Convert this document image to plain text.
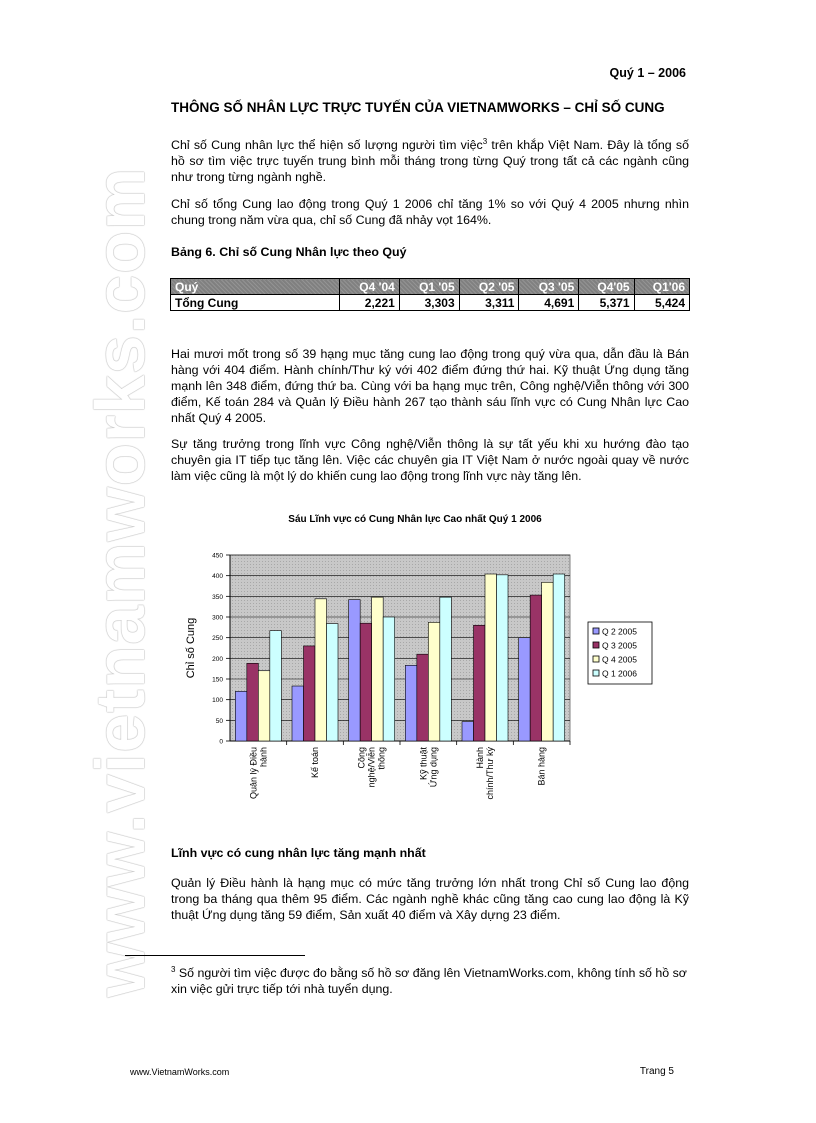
www.vietnamworks.com
Quý 1 – 2006
THÔNG SỐ NHÂN LỰC TRỰC TUYẾN CỦA VIETNAMWORKS – CHỈ SỐ CUNG
Chỉ số Cung nhân lực thể hiện số lượng người tìm việc$^3$ trên khắp Việt Nam. Đây là tổng số hồ sơ tìm việc trực tuyến trung bình mỗi tháng trong từng Quý trong tất cả các ngành cũng như trong từng ngành nghề.
Chỉ số tổng Cung lao động trong Quý 1 2006 chỉ tăng 1% so với Quý 4 2005 nhưng nhìn chung trong năm vừa qua, chỉ số Cung đã nhảy vọt 164%.
Bảng 6. Chỉ số Cung Nhân lực theo Quý
Quý	Q4 '04	Q1 '05	Q2 '05	Q3 '05	Q4'05	Q1'06
Tổng Cung	2,221	3,303	3,311	4,691	5,371	5,424
Hai mươi mốt trong số 39 hạng mục tăng cung lao động trong quý vừa qua, dẫn đầu là Bán hàng với 404 điểm. Hành chính/Thư ký với 402 điểm đứng thứ hai. Kỹ thuật Ứng dụng tăng mạnh lên 348 điểm, đứng thứ ba. Cùng với ba hạng mục trên, Công nghệ/Viễn thông với 300 điểm, Kế toán 284 và Quản lý Điều hành 267 tạo thành sáu lĩnh vực có Cung Nhân lực Cao nhất Quý 4 2005.
Sự tăng trưởng trong lĩnh vực Công nghệ/Viễn thông là sự tất yếu khi xu hướng đào tạo chuyên gia IT tiếp tục tăng lên. Việc các chuyên gia IT Việt Nam ở nước ngoài quay về nước làm việc cũng là một lý do khiến cung lao động trong lĩnh vực này tăng lên.
Sáu Lĩnh vực có Cung Nhân lực Cao nhất Quý 1 2006
0
50
100
150
200
250
300
350
400
450
Chỉ số Cung
Quản lý Điều hành	Kế toán	Công nghệ/Viễn thông	Kỹ thuật Ứng dụng	Hành chính/Thư ký	Bán hàng
Q 2 2005
Q 3 2005
Q 4 2005
Q 1 2006
Lĩnh vực có cung nhân lực tăng mạnh nhất
Quản lý Điều hành là hạng mục có mức tăng trưởng lớn nhất trong Chỉ số Cung lao động trong ba tháng qua thêm 95 điểm. Các ngành nghề khác cũng tăng cao cung lao động là Kỹ thuật Ứng dụng tăng 59 điểm, Sản xuất 40 điểm và Xây dựng 23 điểm.
$^3$ Số người tìm việc được đo bằng số hồ sơ đăng lên VietnamWorks.com, không tính số hồ sơ xin việc gửi trực tiếp tới nhà tuyển dụng.
www.VietnamWorks.com	Trang 5
